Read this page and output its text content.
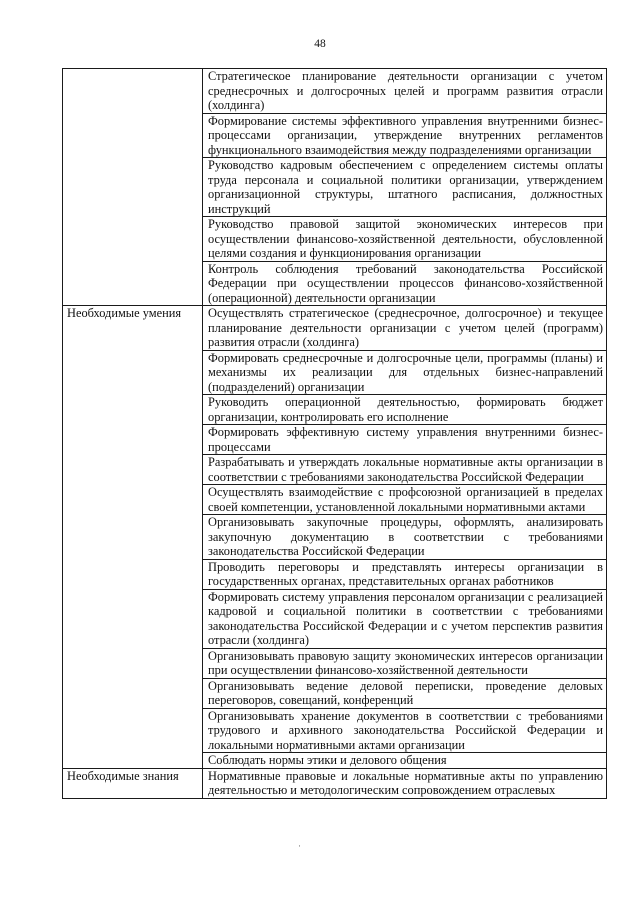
48
	Стратегическое планирование деятельности организации с учетом среднесрочных и долгосрочных целей и программ развития отрасли (холдинга)
	Формирование системы эффективного управления внутренними бизнес-процессами организации, утверждение внутренних регламентов функционального взаимодействия между подразделениями организации
	Руководство кадровым обеспечением с определением системы оплаты труда персонала и социальной политики организации, утверждением организационной структуры, штатного расписания, должностных инструкций
	Руководство правовой защитой экономических интересов при осуществлении финансово-хозяйственной деятельности, обусловленной целями создания и функционирования организации
	Контроль соблюдения требований законодательства Российской Федерации при осуществлении процессов финансово-хозяйственной (операционной) деятельности организации
Необходимые умения	Осуществлять стратегическое (среднесрочное, долгосрочное) и текущее планирование деятельности организации с учетом целей (программ) развития отрасли (холдинга)
	Формировать среднесрочные и долгосрочные цели, программы (планы) и механизмы их реализации для отдельных бизнес-направлений (подразделений) организации
	Руководить операционной деятельностью, формировать бюджет организации, контролировать его исполнение
	Формировать эффективную систему управления внутренними бизнес-процессами
	Разрабатывать и утверждать локальные нормативные акты организации в соответствии с требованиями законодательства Российской Федерации
	Осуществлять взаимодействие с профсоюзной организацией в пределах своей компетенции, установленной локальными нормативными актами
	Организовывать закупочные процедуры, оформлять, анализировать закупочную документацию в соответствии с требованиями законодательства Российской Федерации
	Проводить переговоры и представлять интересы организации в государственных органах, представительных органах работников
	Формировать систему управления персоналом организации с реализацией кадровой и социальной политики в соответствии с требованиями законодательства Российской Федерации и с учетом перспектив развития отрасли (холдинга)
	Организовывать правовую защиту экономических интересов организации при осуществлении финансово-хозяйственной деятельности
	Организовывать ведение деловой переписки, проведение деловых переговоров, совещаний, конференций
	Организовывать хранение документов в соответствии с требованиями трудового и архивного законодательства Российской Федерации и локальными нормативными актами организации
	Соблюдать нормы этики и делового общения
Необходимые знания	Нормативные правовые и локальные нормативные акты по управлению деятельностью и методологическим сопровождением отраслевых
·
